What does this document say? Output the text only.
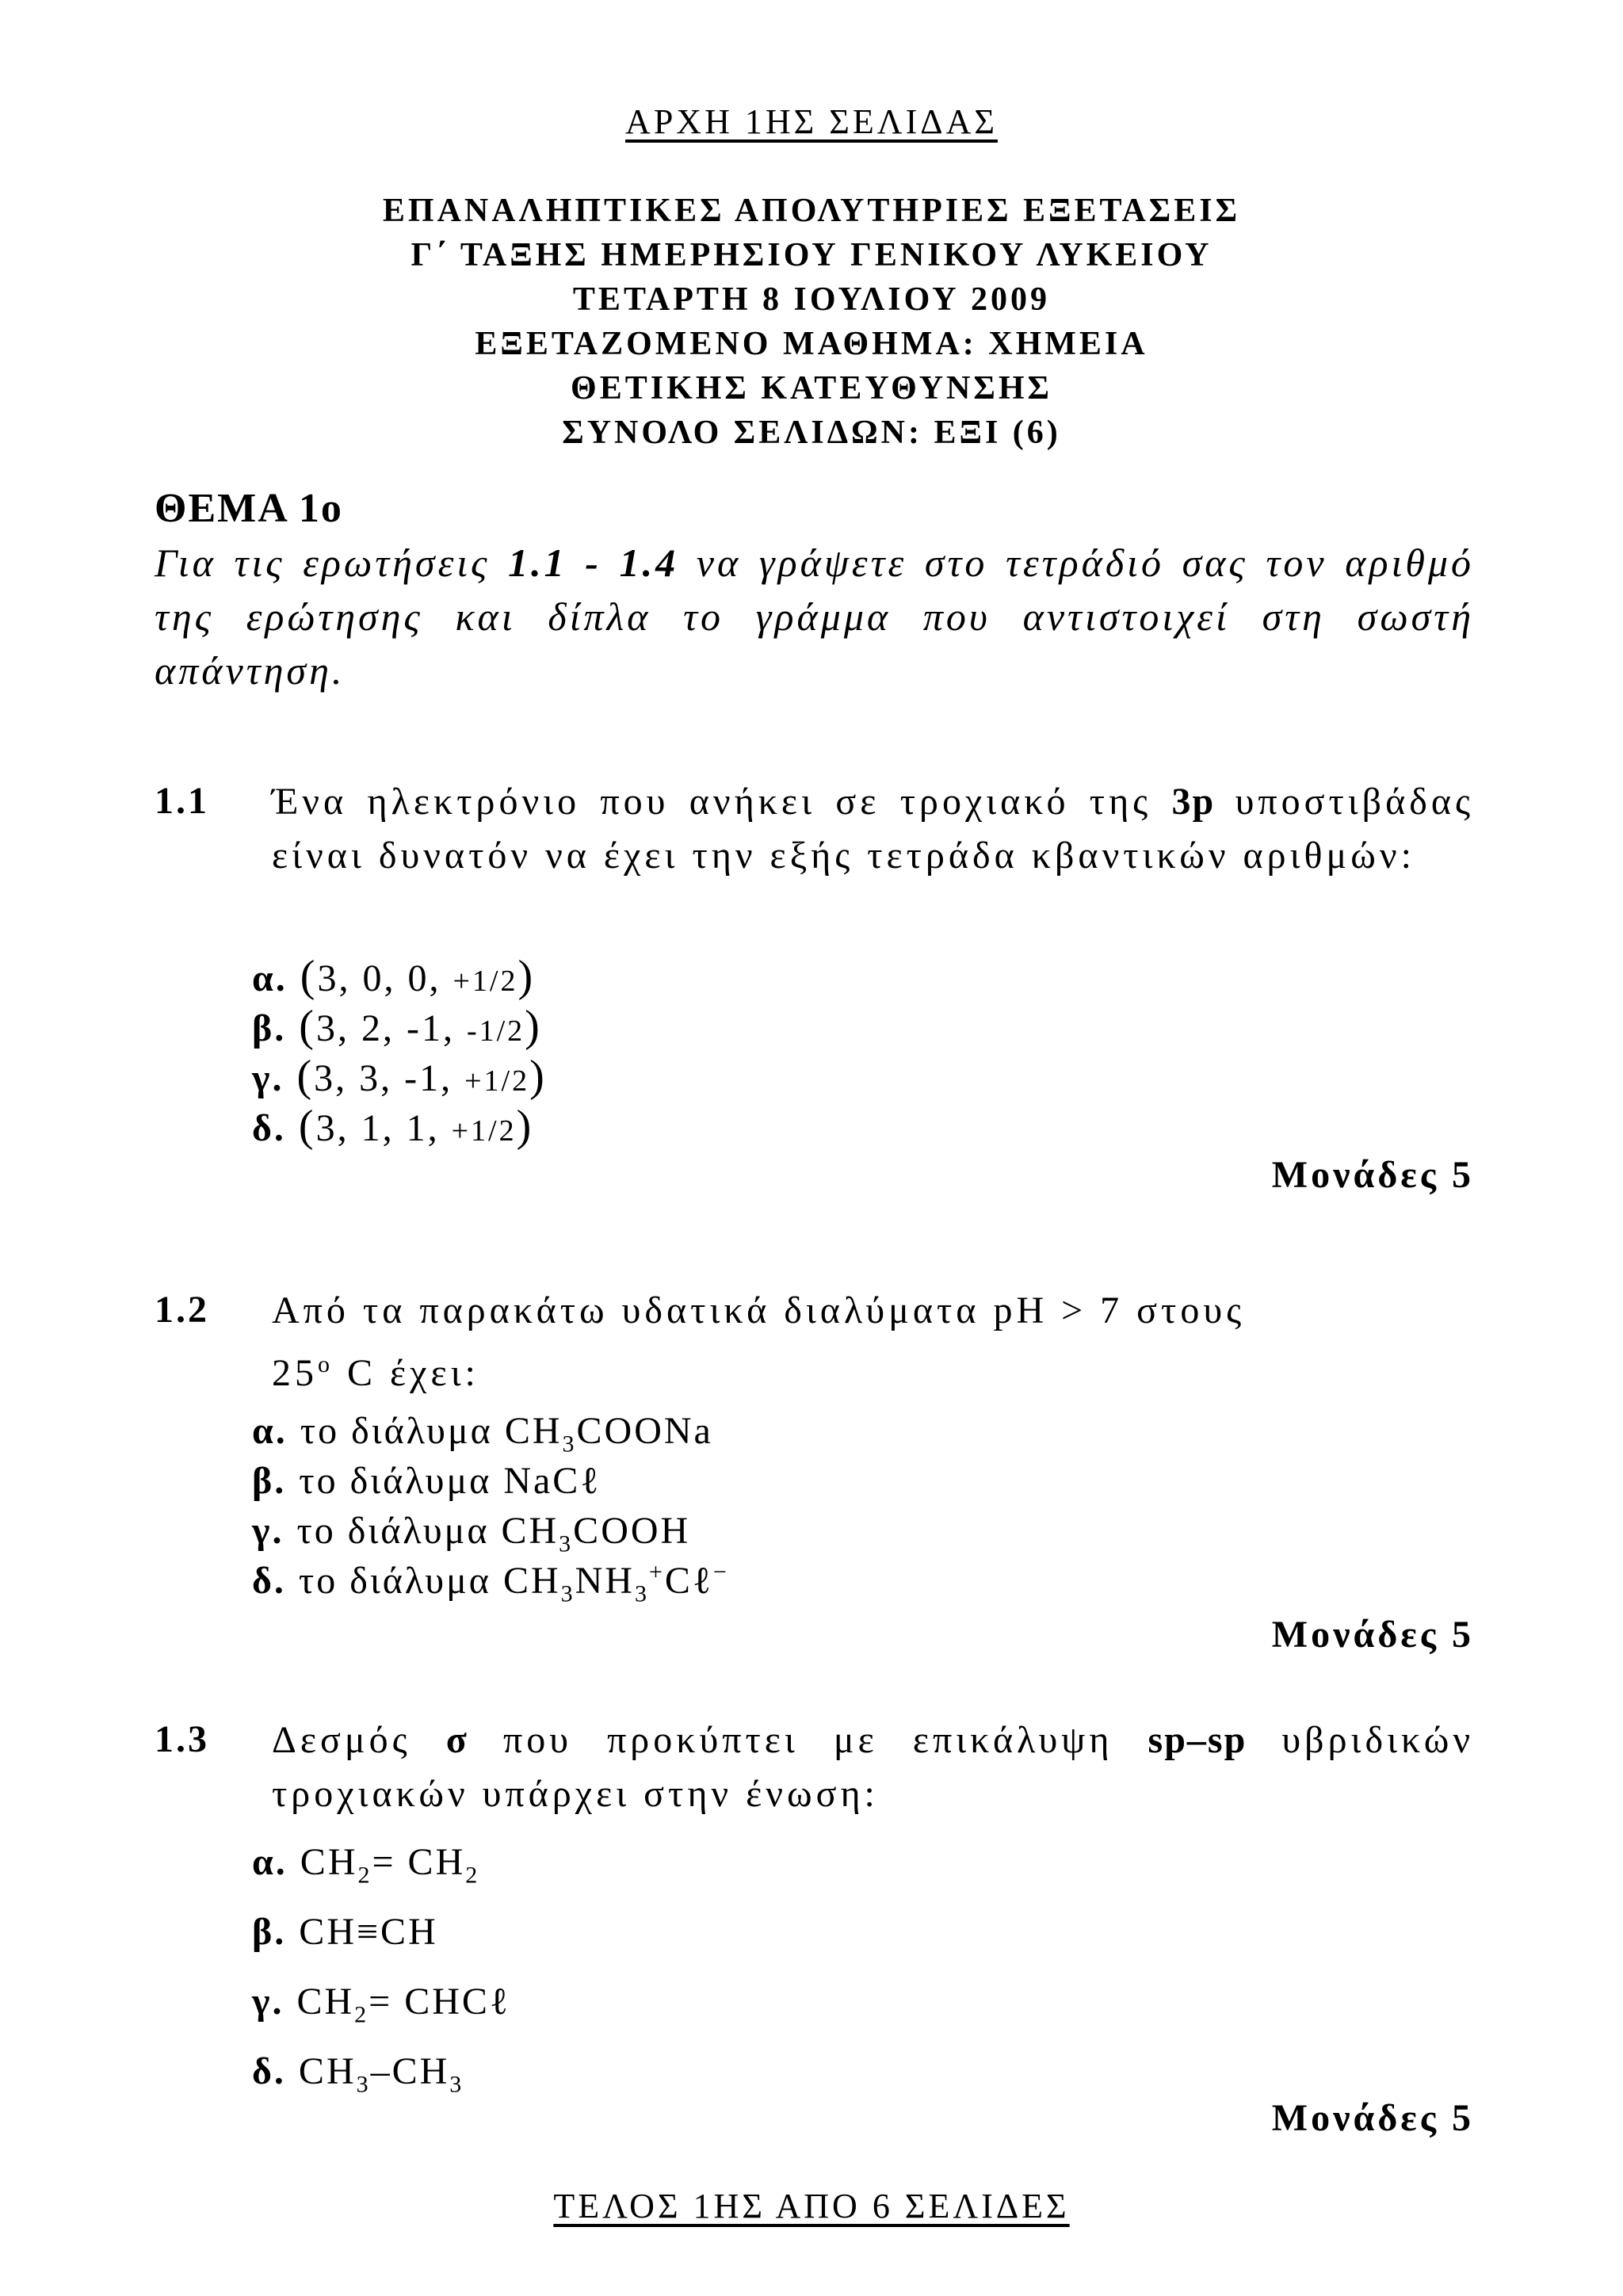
ΑΡΧΗ 1ΗΣ ΣΕΛΙΔΑΣ
ΕΠΑΝΑΛΗΠΤΙΚΕΣ ΑΠΟΛΥΤΗΡΙΕΣ ΕΞΕΤΑΣΕΙΣ
Γ΄ ΤΑΞΗΣ ΗΜΕΡΗΣΙΟΥ ΓΕΝΙΚΟΥ ΛΥΚΕΙΟΥ
ΤΕΤΑΡΤΗ 8 ΙΟΥΛΙΟΥ 2009
ΕΞΕΤΑΖΟΜΕΝΟ ΜΑΘΗΜΑ: ΧΗΜΕΙΑ
ΘΕΤΙΚΗΣ ΚΑΤΕΥΘΥΝΣΗΣ
ΣΥΝΟΛΟ ΣΕΛΙΔΩΝ: ΕΞΙ (6)
ΘΕΜΑ 1ο
Για τις ερωτήσεις 1.1 - 1.4 να γράψετε στο τετράδιό σας τον αριθμό της ερώτησης και δίπλα το γράμμα που αντιστοιχεί στη σωστή απάντηση.
1.1 Ένα ηλεκτρόνιο που ανήκει σε τροχιακό της 3p υποστιβάδας είναι δυνατόν να έχει την εξής τετράδα κβαντικών αριθμών:
α. (3, 0, 0, +1/2)
β. (3, 2, -1, -1/2)
γ. (3, 3, -1, +1/2)
δ. (3, 1, 1, +1/2)
Μονάδες 5
1.2 Από τα παρακάτω υδατικά διαλύματα pH > 7 στους
25$^o$ C έχει:
α. το διάλυμα $CH_3COONa$
β. το διάλυμα NaCℓ
γ. το διάλυμα $CH_3COOH$
δ. το διάλυμα $CH_3NH_3^+C\ell^-$
Μονάδες 5
1.3 Δεσμός σ που προκύπτει με επικάλυψη sp–sp υβριδικών τροχιακών υπάρχει στην ένωση:
α. $CH_2= CH_2$
β. CH≡CH
γ. $CH_2=$ CHCℓ
δ. $CH_3-CH_3$
Μονάδες 5
ΤΕΛΟΣ 1ΗΣ ΑΠΟ 6 ΣΕΛΙΔΕΣ
